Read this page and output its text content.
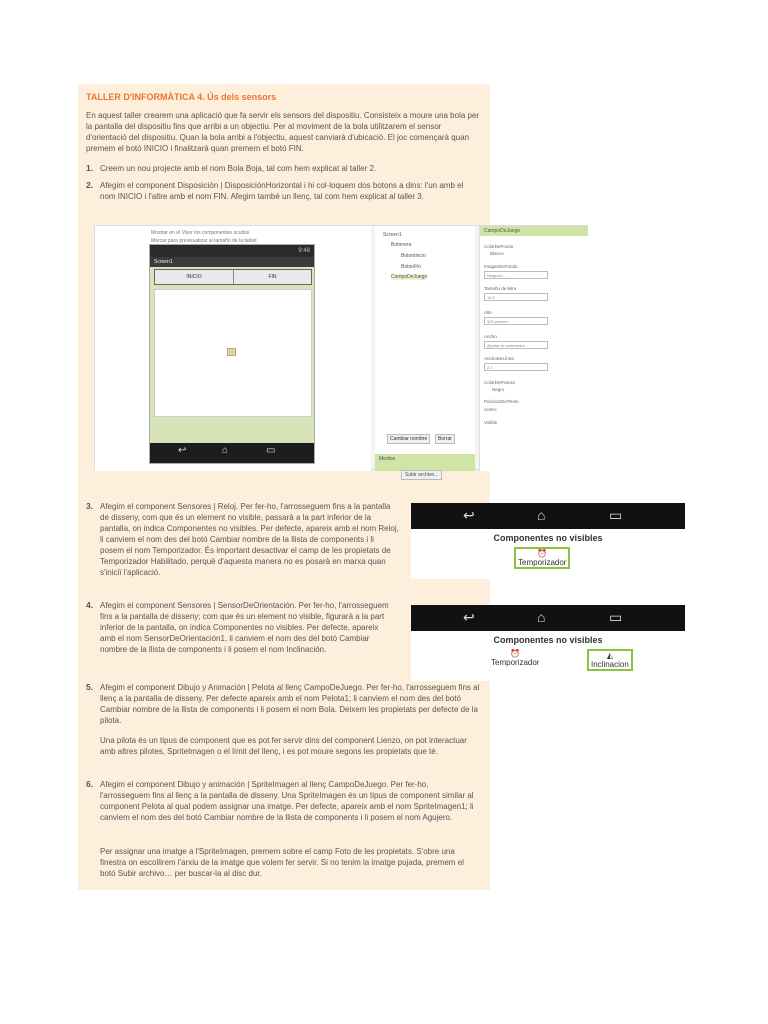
TALLER D'INFORMÀTICA 4. Ús dels sensors
En aquest taller crearem una aplicació que fa servir els sensors del dispositiu. Consisteix a moure una bola per la pantalla del dispositiu fins que arribi a un objectiu. Per al moviment de la bola utilitzarem el sensor d'orientació del dispositiu. Quan la bola arribi a l'objectiu, aquest canviarà d'ubicació. El joc començarà quan premem el botó INICIO i finalitzarà quan premem el botó FIN.
1. Creem un nou projecte amb el nom Bola Boja, tal com hem explicat al taller 2.
2. Afegim el component Disposición | DisposiciónHorizontal i hi col·loquem dos botons a dins: l'un amb el nom INICIO i l'altre amb el nom FIN. Afegim també un llenç, tal com hem explicat al taller 3.
Mostrar en el Visor los componentes ocultos
Marcar para previsualizar al tamaño de la tablet
9:48
Screen1
INICIO	FIN
↩	⌂	▭
Screen1
Botonera
BotonInicio
BotonFin
CampoDeJuego
Cambiar nombre	Borrar
Medios
Subir archivo...
CampoDeJuego
ColorDeFondo
Blanco
ImagenDeFondo
Ninguno...
Tamaño de letra
14.0
Alto
300 píxeles...
Ancho
Ajustar al contenedor...
AnchoDeLínea
2.0
ColorDePintura
Negro
PosiciónDelTexto
centro
Visible
3. Afegim el component Sensores | Reloj. Per fer-ho, l'arrosseguem fins a la pantalla de disseny, com que és un element no visible, passarà a la part inferior de la pantalla, on indica Componentes no visibles. Per defecte, apareix amb el nom Reloj, li canviem el nom des del botó Cambiar nombre de la llista de components i li posem el nom Temporizador. És important desactivar el camp de les propietats de Temporizador Habilitado, perquè d'aquesta manera no es posarà en marxa quan s'iniciï l'aplicació.
4. Afegim el component Sensores | SensorDeOrientación. Per fer-ho, l'arrosseguem fins a la pantalla de disseny; com que és un element no visible, figurarà a la part inferior de la pantalla, on indica Componentes no visibles. Per defecte, apareix amb el nom SensorDeOrientación1, li canviem el nom des del botó Cambiar nombre de la llista de components i li posem el nom Inclinación.
↩	⌂	▭
Componentes no visibles
⏰
Temporizador
↩	⌂	▭
Componentes no visibles
⏰
Temporizador
◭
Inclinacion
5. Afegim el component Dibujo y Animación | Pelota al llenç CampoDeJuego. Per fer-ho, l'arrosseguem fins al llenç a la pantalla de disseny. Per defecte apareix amb el nom Pelota1; li canviem el nom des del botó Cambiar nombre de la llista de components i li posem el nom Bola. Deixem les propietats per defecte de la pilota.
Una pilota és un tipus de component que es pot fer servir dins del component Lienzo, on pot interactuar amb altres pilotes, SpriteImagen o el límit del llenç, i es pot moure segons les propietats que té.
6. Afegim el component Dibujo y animación | SpriteImagen al llenç CampoDeJuego. Per fer-ho, l'arrosseguem fins al llenç a la pantalla de disseny. Una SpriteImagen és un tipus de component similar al component Pelota al qual podem assignar una imatge. Per defecte, apareix amb el nom SpriteImagen1; li canviem el nom des del botó Cambiar nombre de la llista de components i li posem el nom Agujero.
Per assignar una imatge a l'SpriteImagen, premem sobre el camp Foto de les propietats. S'obre una finestra on escollirem l'arxiu de la imatge que volem fer servir. Si no tenim la imatge pujada, premem el botó Subir archivo… per buscar-la al disc dur.
